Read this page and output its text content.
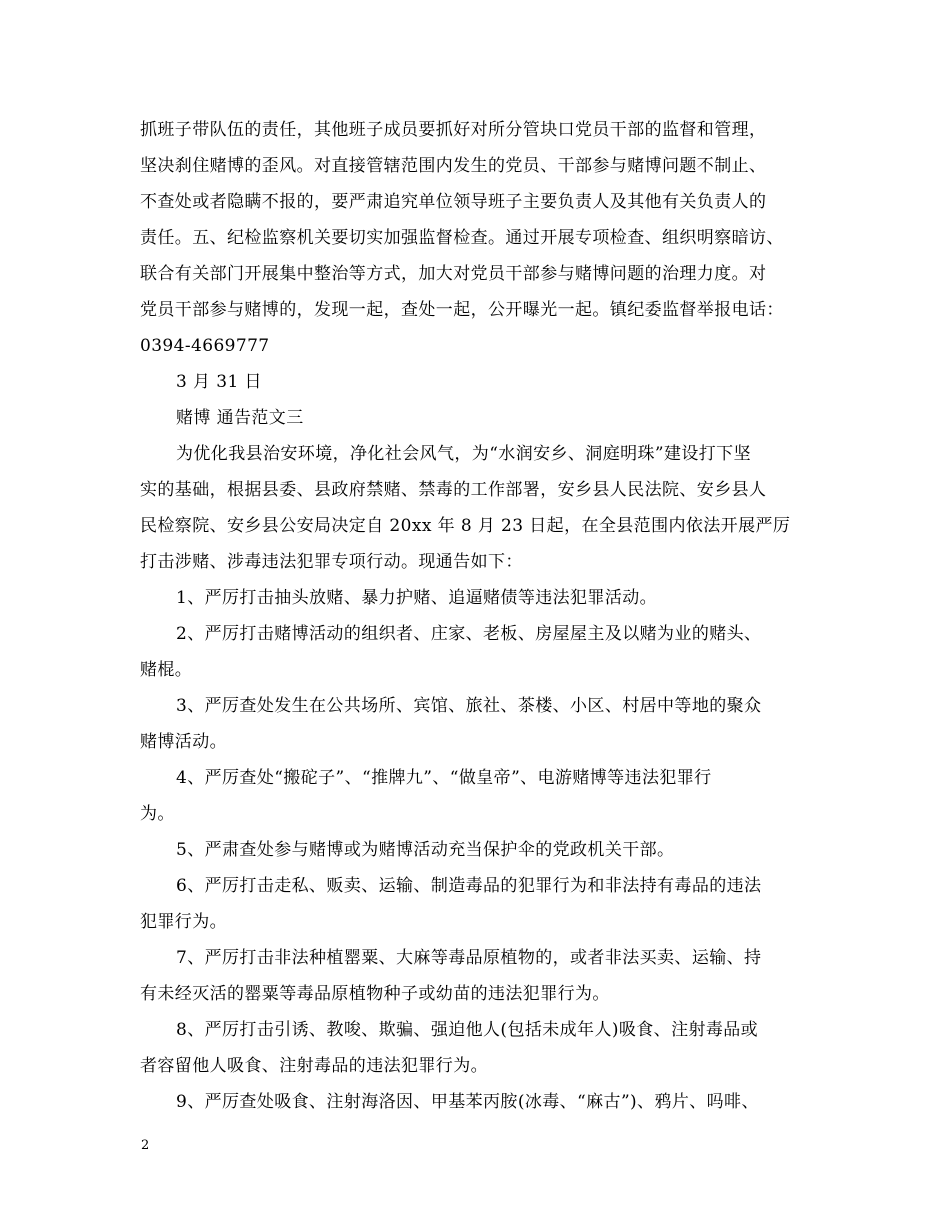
抓班子带队伍的责任，其他班子成员要抓好对所分管块口党员干部的监督和管理，
坚决刹住赌博的歪风。对直接管辖范围内发生的党员、干部参与赌博问题不制止、
不查处或者隐瞒不报的，要严肃追究单位领导班子主要负责人及其他有关负责人的
责任。五、纪检监察机关要切实加强监督检查。通过开展专项检查、组织明察暗访、
联合有关部门开展集中整治等方式，加大对党员干部参与赌博问题的治理力度。对
党员干部参与赌博的，发现一起，查处一起，公开曝光一起。镇纪委监督举报电话：
0394-4669777
3 月 31 日
赌博 通告范文三
为优化我县治安环境，净化社会风气，为“水润安乡、洞庭明珠”建设打下坚
实的基础，根据县委、县政府禁赌、禁毒的工作部署，安乡县人民法院、安乡县人
民检察院、安乡县公安局决定自 20xx 年 8 月 23 日起，在全县范围内依法开展严厉
打击涉赌、涉毒违法犯罪专项行动。现通告如下：
1、严厉打击抽头放赌、暴力护赌、追逼赌债等违法犯罪活动。
2、严厉打击赌博活动的组织者、庄家、老板、房屋屋主及以赌为业的赌头、
赌棍。
3、严厉查处发生在公共场所、宾馆、旅社、茶楼、小区、村居中等地的聚众
赌博活动。
4、严厉查处“搬砣子”、“推牌九”、“做皇帝”、电游赌博等违法犯罪行
为。
5、严肃查处参与赌博或为赌博活动充当保护伞的党政机关干部。
6、严厉打击走私、贩卖、运输、制造毒品的犯罪行为和非法持有毒品的违法
犯罪行为。
7、严厉打击非法种植罂粟、大麻等毒品原植物的，或者非法买卖、运输、持
有未经灭活的罂粟等毒品原植物种子或幼苗的违法犯罪行为。
8、严厉打击引诱、教唆、欺骗、强迫他人(包括未成年人)吸食、注射毒品或
者容留他人吸食、注射毒品的违法犯罪行为。
9、严厉查处吸食、注射海洛因、甲基苯丙胺(冰毒、“麻古”)、鸦片、吗啡、
2
